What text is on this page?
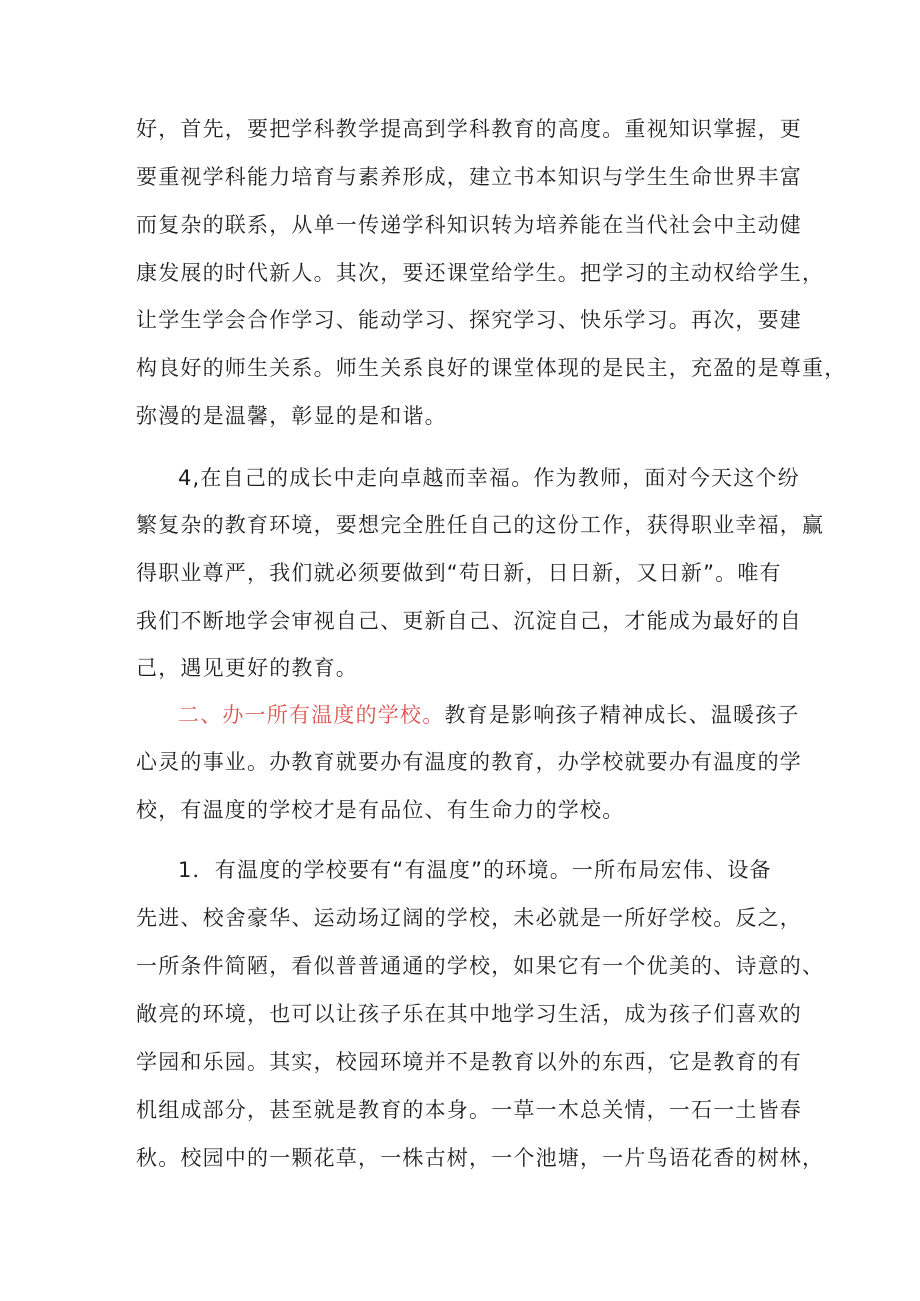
好，首先，要把学科教学提高到学科教育的高度。重视知识掌握，更
要重视学科能力培育与素养形成，建立书本知识与学生生命世界丰富
而复杂的联系，从单一传递学科知识转为培养能在当代社会中主动健
康发展的时代新人。其次，要还课堂给学生。把学习的主动权给学生，
让学生学会合作学习、能动学习、探究学习、快乐学习。再次，要建
构良好的师生关系。师生关系良好的课堂体现的是民主，充盈的是尊重，
弥漫的是温馨，彰显的是和谐。
4,在自己的成长中走向卓越而幸福。作为教师，面对今天这个纷
繁复杂的教育环境，要想完全胜任自己的这份工作，获得职业幸福，赢
得职业尊严，我们就必须要做到“苟日新，日日新，又日新”。唯有
我们不断地学会审视自己、更新自己、沉淀自己，才能成为最好的自
己，遇见更好的教育。
二、办一所有温度的学校。教育是影响孩子精神成长、温暖孩子
心灵的事业。办教育就要办有温度的教育，办学校就要办有温度的学
校，有温度的学校才是有品位、有生命力的学校。
1．有温度的学校要有“有温度”的环境。一所布局宏伟、设备
先进、校舍豪华、运动场辽阔的学校，未必就是一所好学校。反之，
一所条件简陋，看似普普通通的学校，如果它有一个优美的、诗意的、
敞亮的环境，也可以让孩子乐在其中地学习生活，成为孩子们喜欢的
学园和乐园。其实，校园环境并不是教育以外的东西，它是教育的有
机组成部分，甚至就是教育的本身。一草一木总关情，一石一土皆春
秋。校园中的一颗花草，一株古树，一个池塘，一片鸟语花香的树林，
